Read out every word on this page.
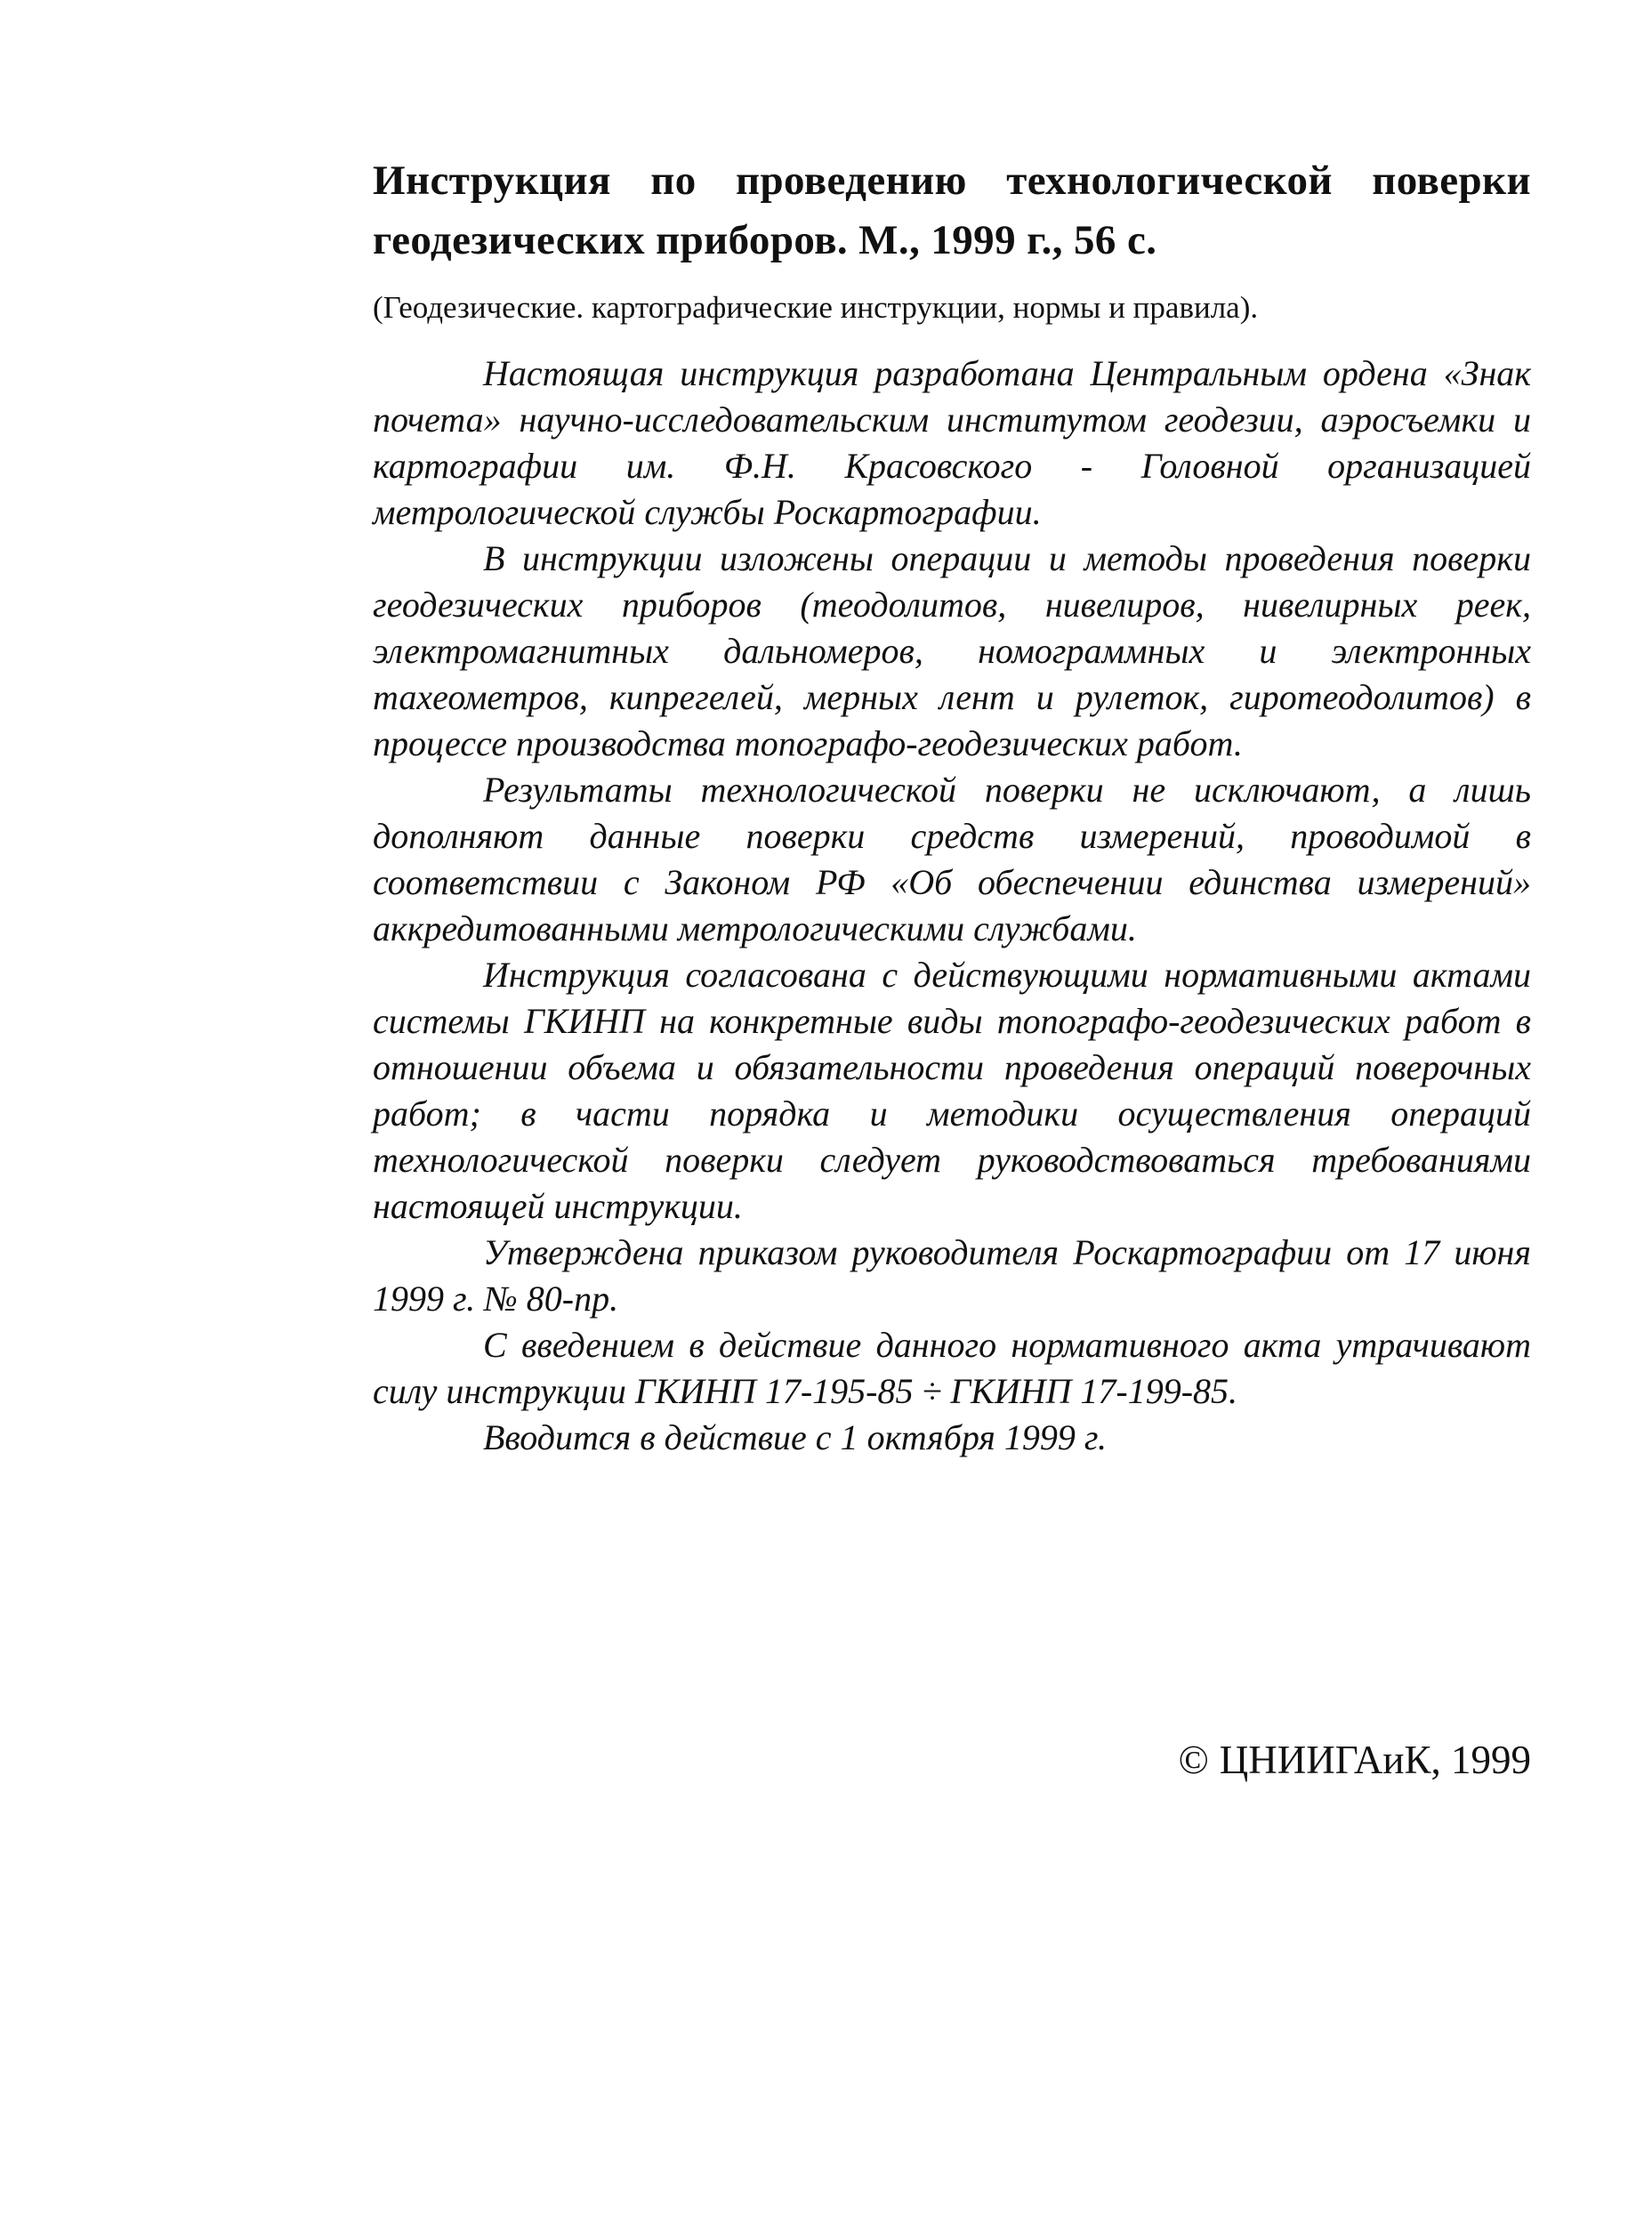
Инструкция по проведению технологической поверки геодезических приборов. М., 1999 г., 56 с.
(Геодезические. картографические инструкции, нормы и правила).

Настоящая инструкция разработана Центральным ордена «Знак почета» научно-исследовательским институтом геодезии, аэросъемки и картографии им. Ф.Н. Красовского - Головной организацией метрологической службы Роскартографии.

В инструкции изложены операции и методы проведения поверки геодезических приборов (теодолитов, нивелиров, нивелирных реек, электромагнитных дальномеров, номограммных и электронных тахеометров, кипрегелей, мерных лент и рулеток, гиротеодолитов) в процессе производства топографо-геодезических работ.

Результаты технологической поверки не исключают, а лишь дополняют данные поверки средств измерений, проводимой в соответствии с Законом РФ «Об обеспечении единства измерений» аккредитованными метрологическими службами.

Инструкция согласована с действующими нормативными актами системы ГКИНП на конкретные виды топографо-геодезических работ в отношении объема и обязательности проведения операций поверочных работ; в части порядка и методики осуществления операций технологической поверки следует руководствоваться требованиями настоящей инструкции.

Утверждена приказом руководителя Роскартографии от 17 июня 1999 г. № 80-пр.

С введением в действие данного нормативного акта утрачивают силу инструкции ГКИНП 17-195-85 ÷ ГКИНП 17-199-85.

Вводится в действие с 1 октября 1999 г.

© ЦНИИГАиК, 1999
